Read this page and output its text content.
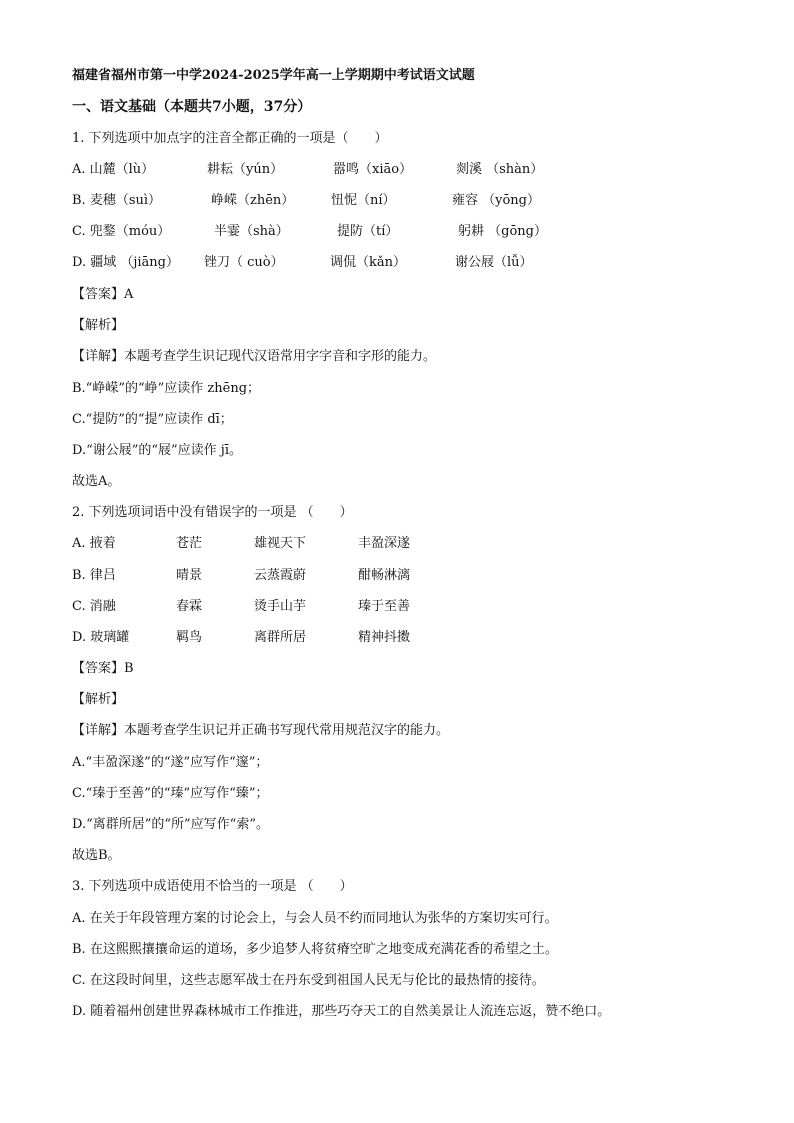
福建省福州市第一中学2024-2025学年高一上学期期中考试语文试题
一、语文基础（本题共7小题，37分）
1. 下列选项中加点字的注音全都正确的一项是（　　）
A. 山麓（lù）	耕耘（yún）	嚣鸣（xiāo）	剡溪 （shàn）
B. 麦穗（suì）	峥嵘（zhēn）	忸怩（ní）	雍容 （yōng）
C. 兜鍪（móu）	半霎（shà）	提防（tí）	躬耕 （gōng）
D. 疆域 （jiāng） 锉刀（ cuò）	调侃（kǎn）	谢公屐（lǚ）
【答案】A
【解析】
【详解】本题考查学生识记现代汉语常用字字音和字形的能力。
B.“峥嵘”的“峥”应读作 zhēng；
C.“提防”的“提”应读作 dī；
D.“谢公屐”的“屐”应读作 jī。
故选A。
2. 下列选项词语中没有错误字的一项是 （　　）
A. 掖着	苍茫	雄视天下	丰盈深遂
B. 律吕	晴景	云蒸霞蔚	酣畅淋漓
C. 消融	春霖	烫手山芋	瑧于至善
D. 玻璃罐	羁鸟	离群所居	精神抖擞
【答案】B
【解析】
【详解】本题考查学生识记并正确书写现代常用规范汉字的能力。
A.“丰盈深遂”的“遂”应写作“邃”；
C.“瑧于至善”的“瑧”应写作“臻”；
D.“离群所居”的“所”应写作“索”。
故选B。
3. 下列选项中成语使用不恰当的一项是 （　　）
A. 在关于年段管理方案的讨论会上，与会人员不约而同地认为张华的方案切实可行。
B. 在这熙熙攘攘命运的道场，多少追梦人将贫瘠空旷之地变成充满花香的希望之土。
C. 在这段时间里，这些志愿军战士在丹东受到祖国人民无与伦比的最热情的接待。
D. 随着福州创建世界森林城市工作推进，那些巧夺天工的自然美景让人流连忘返，赞不绝口。
